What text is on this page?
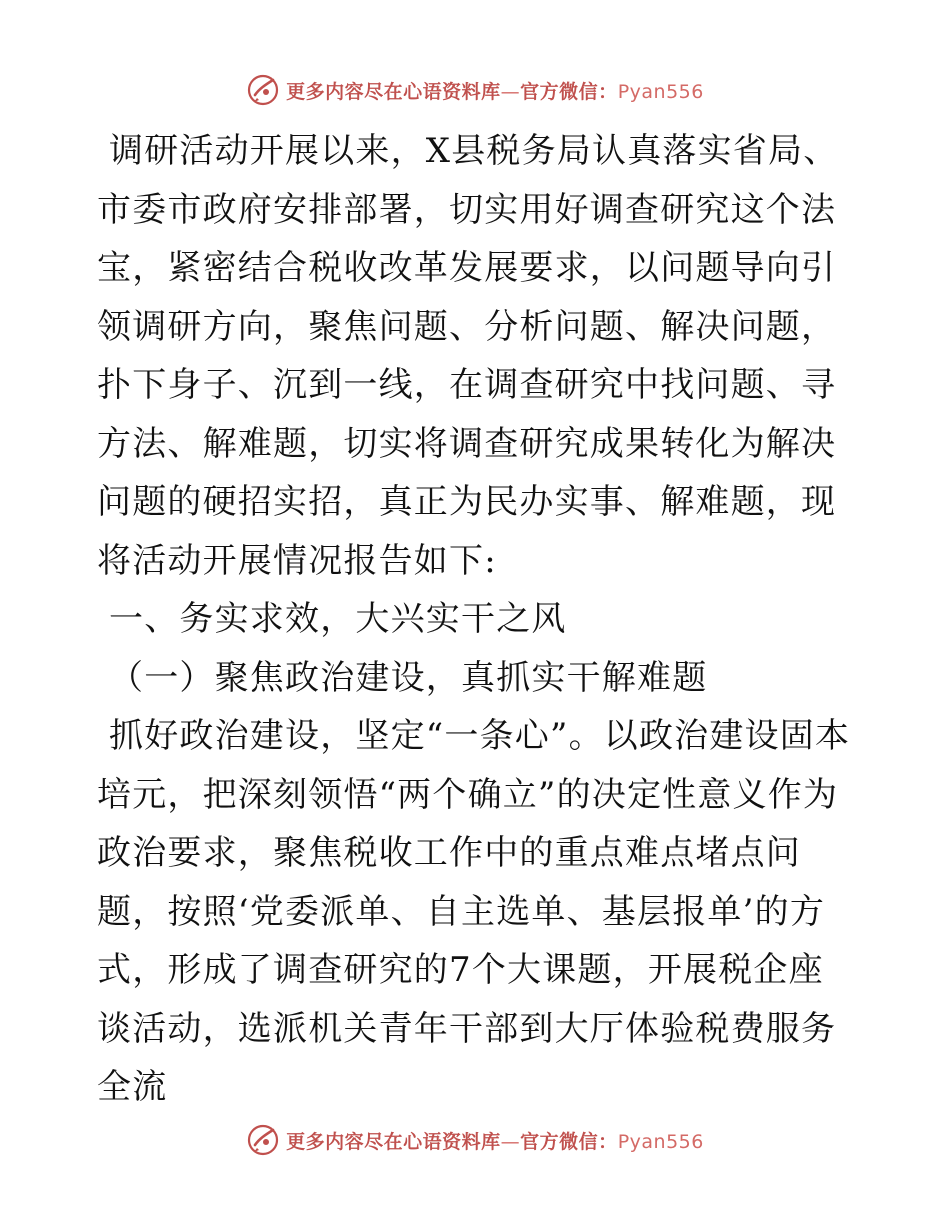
更多内容尽在心语资料库—官方微信：Pyan556

调研活动开展以来，X县税务局认真落实省局、市委市政府安排部署，切实用好调查研究这个法宝，紧密结合税收改革发展要求，以问题导向引领调研方向，聚焦问题、分析问题、解决问题，扑下身子、沉到一线，在调查研究中找问题、寻方法、解难题，切实将调查研究成果转化为解决问题的硬招实招，真正为民办实事、解难题，现将活动开展情况报告如下:

一、务实求效，大兴实干之风

（一）聚焦政治建设，真抓实干解难题

抓好政治建设，坚定“一条心”。以政治建设固本培元，把深刻领悟“两个确立”的决定性意义作为政治要求，聚焦税收工作中的重点难点堵点问题，按照‘党委派单、自主选单、基层报单’的方式，形成了调查研究的7个大课题，开展税企座谈活动，选派机关青年干部到大厅体验税费服务全流

更多内容尽在心语资料库—官方微信：Pyan556
